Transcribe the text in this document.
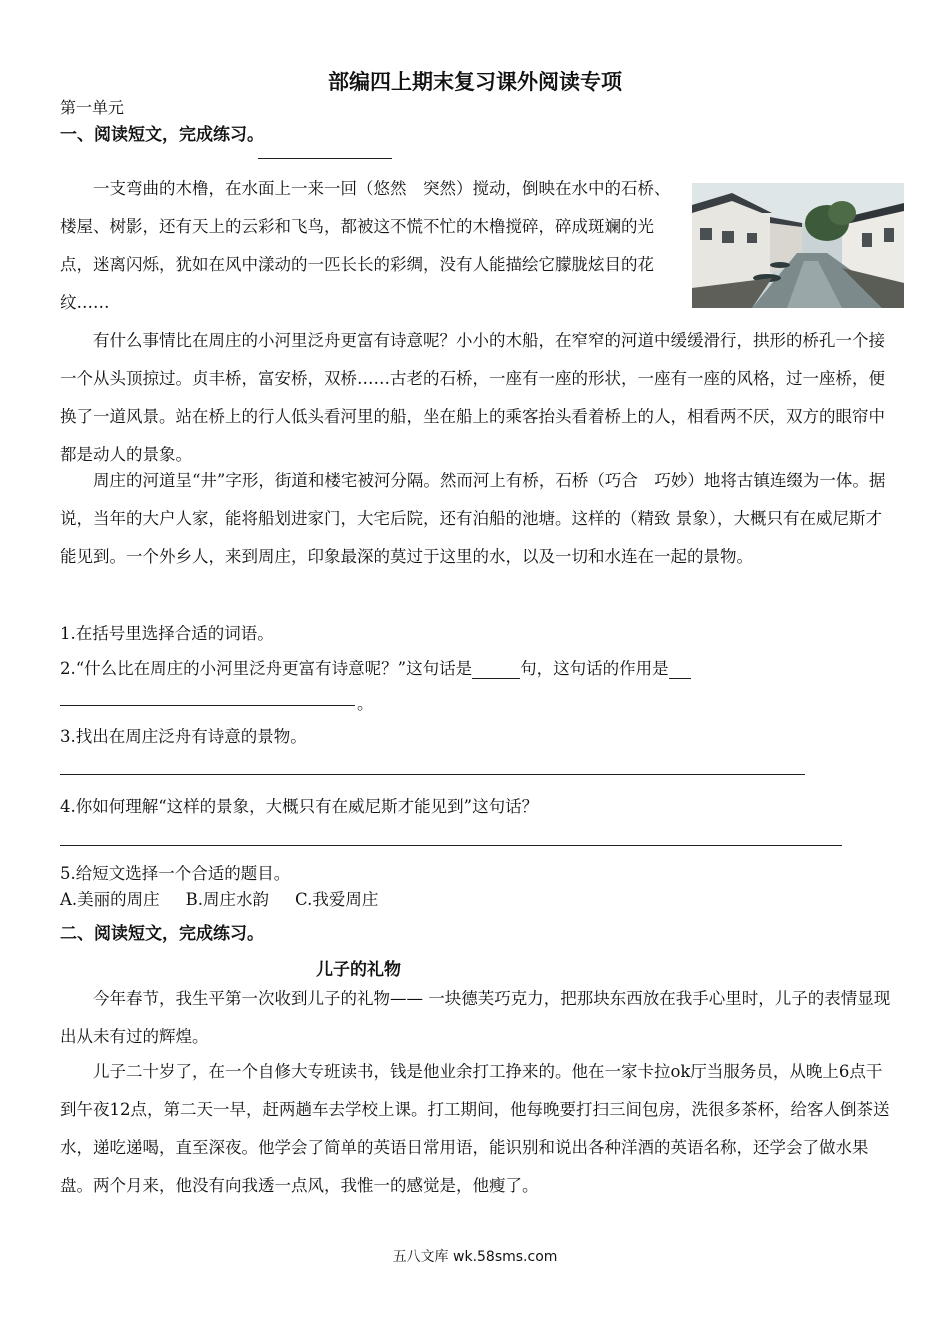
部编四上期末复习课外阅读专项
第一单元
一、阅读短文，完成练习。

一支弯曲的木橹，在水面上一来一回（悠然　突然）搅动，倒映在水中的石桥、楼屋、树影，还有天上的云彩和飞鸟，都被这不慌不忙的木橹搅碎，碎成斑斓的光点，迷离闪烁，犹如在风中漾动的一匹长长的彩绸，没有人能描绘它朦胧炫目的花纹……

有什么事情比在周庄的小河里泛舟更富有诗意呢？小小的木船，在窄窄的河道中缓缓滑行，拱形的桥孔一个接一个从头顶掠过。贞丰桥，富安桥，双桥……古老的石桥，一座有一座的形状，一座有一座的风格，过一座桥，便换了一道风景。站在桥上的行人低头看河里的船，坐在船上的乘客抬头看着桥上的人，相看两不厌，双方的眼帘中都是动人的景象。

周庄的河道呈“井”字形，街道和楼宅被河分隔。然而河上有桥，石桥（巧合　巧妙）地将古镇连缀为一体。据说，当年的大户人家，能将船划进家门，大宅后院，还有泊船的池塘。这样的（精致 景象），大概只有在威尼斯才能见到。一个外乡人，来到周庄，印象最深的莫过于这里的水，以及一切和水连在一起的景物。

1.在括号里选择合适的词语。
2.“什么比在周庄的小河里泛舟更富有诗意呢？”这句话是	句，这句话的作用是
。
3.找出在周庄泛舟有诗意的景物。
4.你如何理解“这样的景象，大概只有在威尼斯才能见到”这句话？
5.给短文选择一个合适的题目。
A.美丽的周庄 B.周庄水韵 C.我爱周庄
二、阅读短文，完成练习。
儿子的礼物

今年春节，我生平第一次收到儿子的礼物—— 一块德芙巧克力，把那块东西放在我手心里时，儿子的表情显现出从未有过的辉煌。

儿子二十岁了，在一个自修大专班读书，钱是他业余打工挣来的。他在一家卡拉ok厅当服务员，从晚上6点干到午夜12点，第二天一早，赶两趟车去学校上课。打工期间，他每晚要打扫三间包房，洗很多茶杯，给客人倒茶送水，递吃递喝，直至深夜。他学会了简单的英语日常用语，能识别和说出各种洋酒的英语名称，还学会了做水果盘。两个月来，他没有向我透一点风，我惟一的感觉是，他瘦了。

五八文库 wk.58sms.com
